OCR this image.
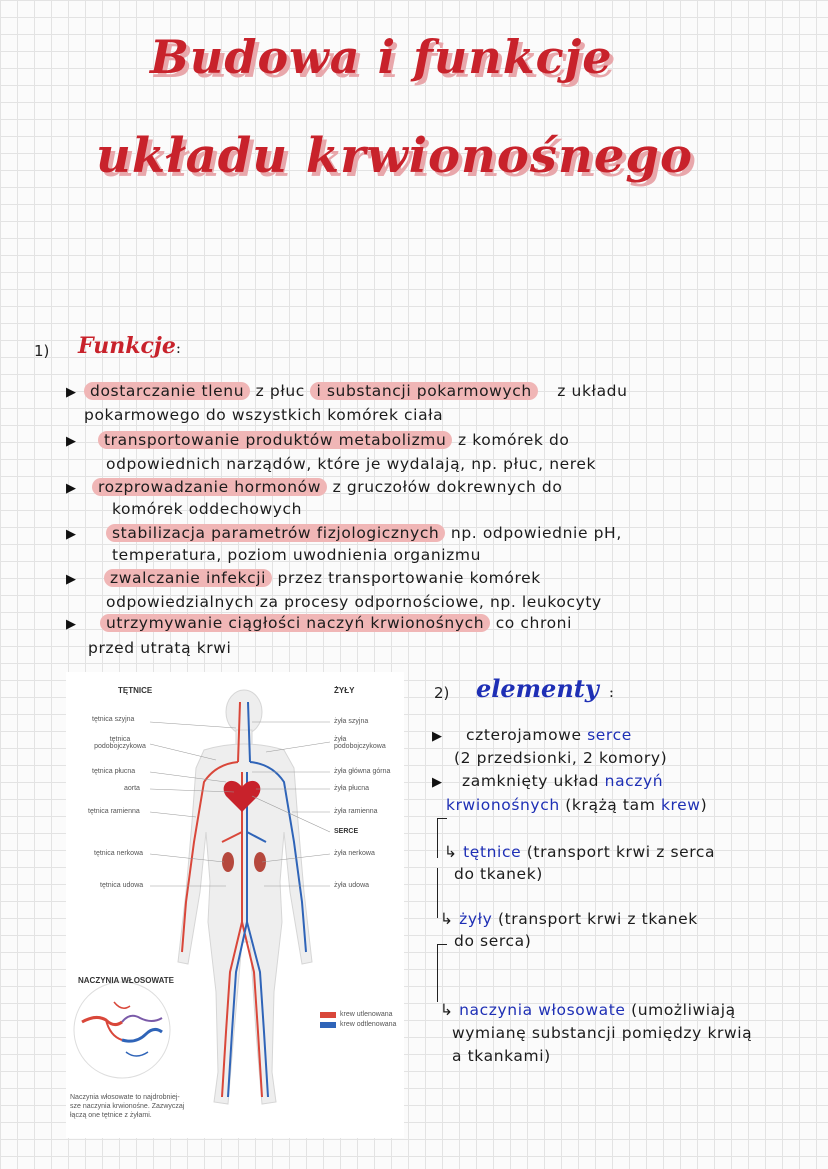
Budowa i funkcje
układu krwionośnego
1) Funkcje:
▶ dostarczanie tlenu z płuc i substancji pokarmowych z układu
pokarmowego do wszystkich komórek ciała
▶	transportowanie produktów metabolizmu z komórek do
odpowiednich narządów, które je wydalają, np. płuc, nerek
▶	rozprowadzanie hormonów z gruczołów dokrewnych do
komórek oddechowych
▶	stabilizacja parametrów fizjologicznych np. odpowiednie pH,
temperatura, poziom uwodnienia organizmu
▶	zwalczanie infekcji przez transportowanie komórek
odpowiedzialnych za procesy odpornościowe, np. leukocyty
▶	utrzymywanie ciągłości naczyń krwionośnych co chroni
przed utratą krwi
TĘTNICE	ŻYŁY
tętnica szyjna
tętnica podobojczykowa
tętnica płucna
aorta
tętnica ramienna
tętnica nerkowa
tętnica udowa
żyła szyjna
żyła podobojczykowa
żyła główna górna
żyła płucna
żyła ramienna
SERCE
żyła nerkowa
żyła udowa
NACZYNIA WŁOSOWATE
krew utlenowana
krew odtlenowana
Naczynia włosowate to najdrobniej-
sze naczynia krwionośne. Zazwyczaj
łączą one tętnice z żyłami.
2) elementy :
▶ czterojamowe serce
(2 przedsionki, 2 komory)
▶ zamknięty układ naczyń
krwionośnych (krążą tam krew)
↳ tętnice (transport krwi z serca
do tkanek)
↳ żyły (transport krwi z tkanek
do serca)
↳ naczynia włosowate (umożliwiają
wymianę substancji pomiędzy krwią
a tkankami)
